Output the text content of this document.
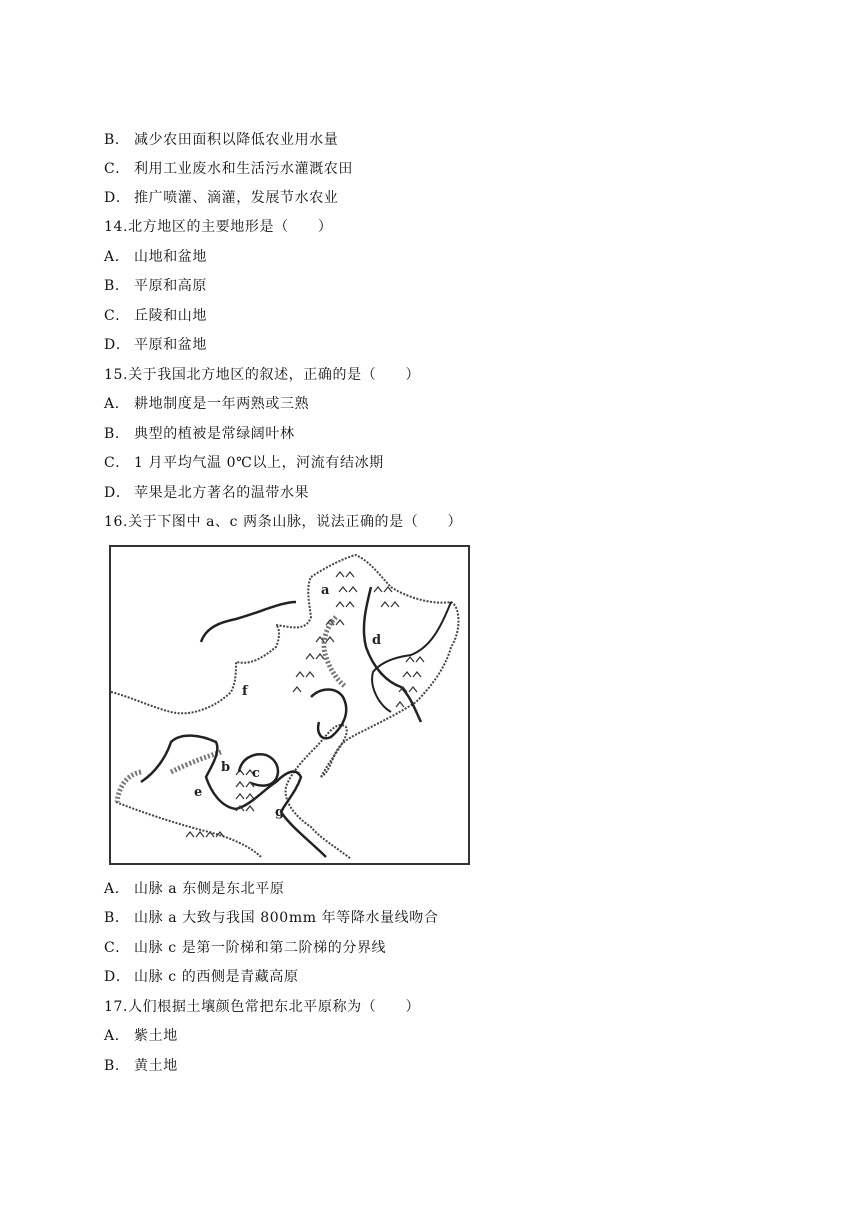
B． 减少农田面积以降低农业用水量
C． 利用工业废水和生活污水灌溉农田
D． 推广喷灌、滴灌，发展节水农业
14.北方地区的主要地形是（　　）
A． 山地和盆地
B． 平原和高原
C． 丘陵和山地
D． 平原和盆地
15.关于我国北方地区的叙述，正确的是（　　）
A． 耕地制度是一年两熟或三熟
B． 典型的植被是常绿阔叶林
C． 1 月平均气温 0℃以上，河流有结冰期
D． 苹果是北方著名的温带水果
16.关于下图中 a、c 两条山脉，说法正确的是（　　）
a
b c
d
e
f
g
A． 山脉 a 东侧是东北平原
B． 山脉 a 大致与我国 800mm 年等降水量线吻合
C． 山脉 c 是第一阶梯和第二阶梯的分界线
D． 山脉 c 的西侧是青藏高原
17.人们根据土壤颜色常把东北平原称为（　　）
A． 紫土地
B． 黄土地
